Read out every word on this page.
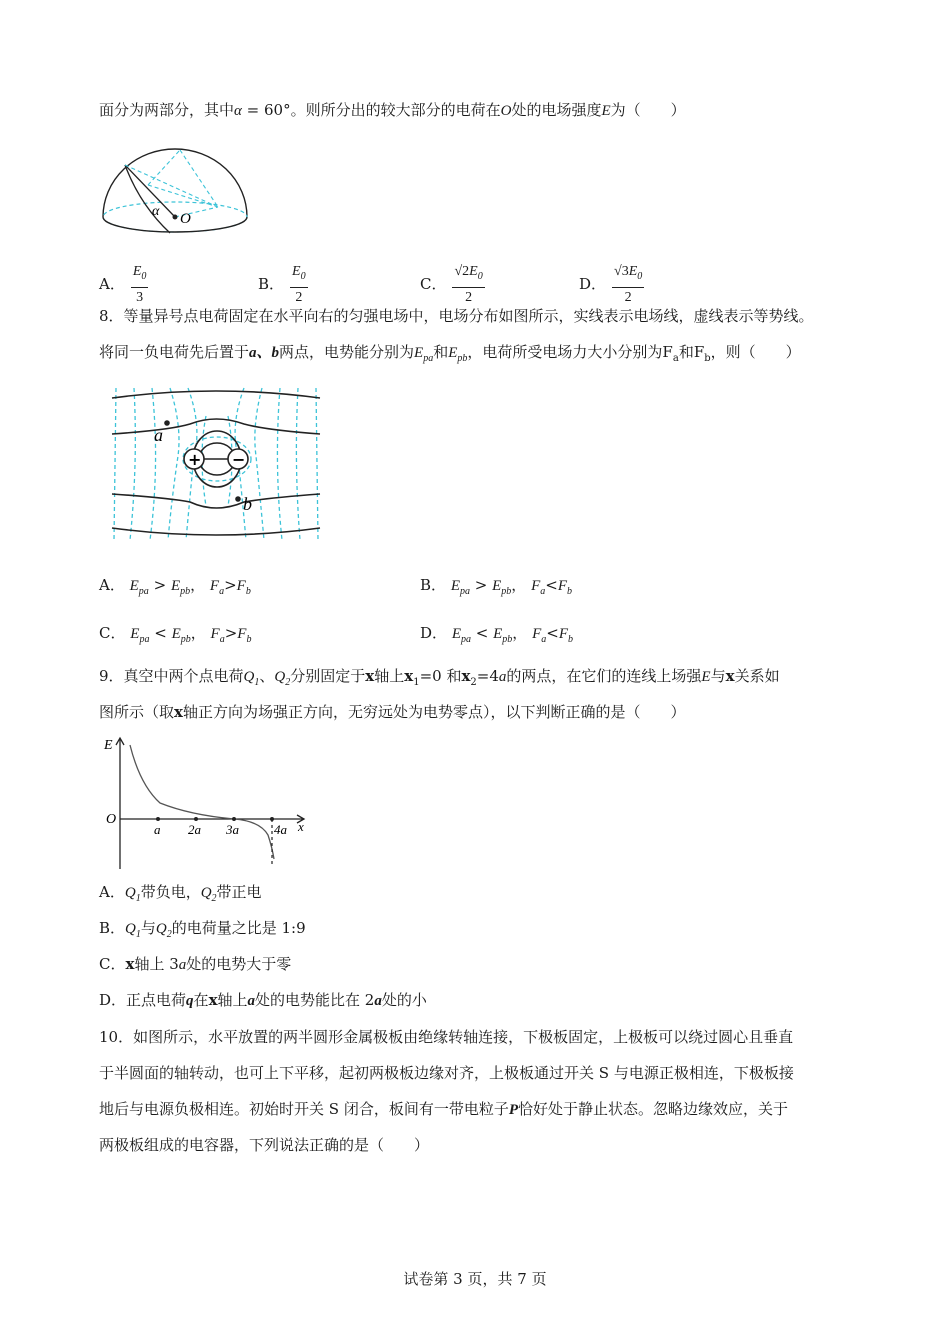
面分为两部分，其中α = 60°。则所分出的较大部分的电荷在O处的电场强度E为（　　）
α O
A． $\frac{E_0}{3}$	B． $\frac{E_0}{2}$	C． $\frac{√2E_0}{2}$	D． $\frac{√3E_0}{2}$
8．等量异号点电荷固定在水平向右的匀强电场中，电场分布如图所示，实线表示电场线，虚线表示等势线。
将同一负电荷先后置于a、b两点，电势能分别为$E_{pa}$和$E_{pb}$，电荷所受电场力大小分别为$F_a$和$F_b$，则（　　）
+ −
a
b
A． $E_{pa} > E_{pb}$， $F_a>F_b$	B． $E_{pa} > E_{pb}$， $F_a<F_b$
C． $E_{pa} < E_{pb}$， $F_a>F_b$	D． $E_{pa} < E_{pb}$， $F_a<F_b$
9．真空中两个点电荷$Q_1$、$Q_2$分别固定于x轴上$x_1=0$ 和$x_2=4a$的两点，在它们的连线上场强E与x关系如
图所示（取x轴正方向为场强正方向，无穷远处为电势零点），以下判断正确的是（　　）
E
O
a 2a 3a	4a x
A．$Q_1$带负电，$Q_2$带正电
B．$Q_1$与$Q_2$的电荷量之比是 1:9
C．x轴上 3a处的电势大于零
D．正点电荷q在x轴上a处的电势能比在 2a处的小
10．如图所示，水平放置的两半圆形金属极板由绝缘转轴连接，下极板固定，上极板可以绕过圆心且垂直
于半圆面的轴转动，也可上下平移，起初两极板边缘对齐，上极板通过开关 S 与电源正极相连，下极板接
地后与电源负极相连。初始时开关 S 闭合，板间有一带电粒子P恰好处于静止状态。忽略边缘效应，关于
两极板组成的电容器，下列说法正确的是（　　）
试卷第 3 页，共 7 页
